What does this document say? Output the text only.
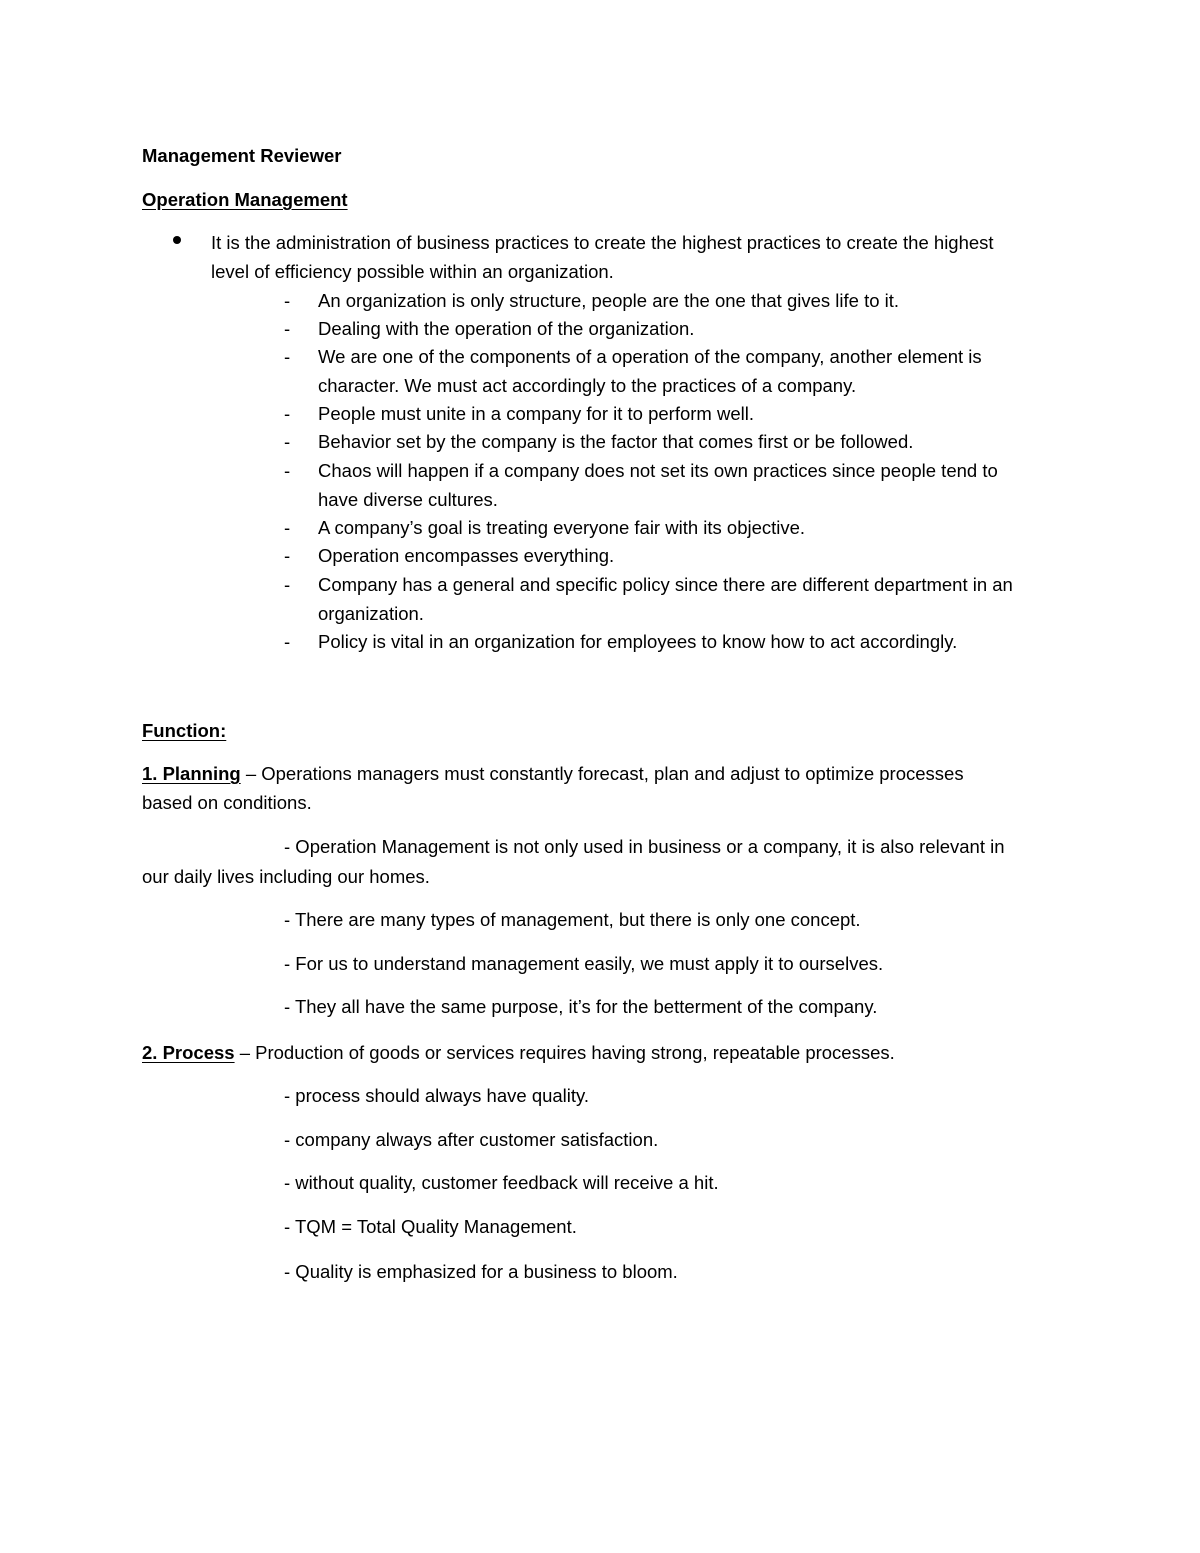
Management Reviewer
Operation Management
It is the administration of business practices to create the highest practices to create the highest
level of efficiency possible within an organization.
- An organization is only structure, people are the one that gives life to it.
- Dealing with the operation of the organization.
- We are one of the components of a operation of the company, another element is
character. We must act accordingly to the practices of a company.
- People must unite in a company for it to perform well.
- Behavior set by the company is the factor that comes first or be followed.
- Chaos will happen if a company does not set its own practices since people tend to
have diverse cultures.
- A company’s goal is treating everyone fair with its objective.
- Operation encompasses everything.
- Company has a general and specific policy since there are different department in an
organization.
- Policy is vital in an organization for employees to know how to act accordingly.
Function:
1. Planning – Operations managers must constantly forecast, plan and adjust to optimize processes
based on conditions.
- Operation Management is not only used in business or a company, it is also relevant in
our daily lives including our homes.
- There are many types of management, but there is only one concept.
- For us to understand management easily, we must apply it to ourselves.
- They all have the same purpose, it’s for the betterment of the company.
2. Process – Production of goods or services requires having strong, repeatable processes.
- process should always have quality.
- company always after customer satisfaction.
- without quality, customer feedback will receive a hit.
- TQM = Total Quality Management.
- Quality is emphasized for a business to bloom.
